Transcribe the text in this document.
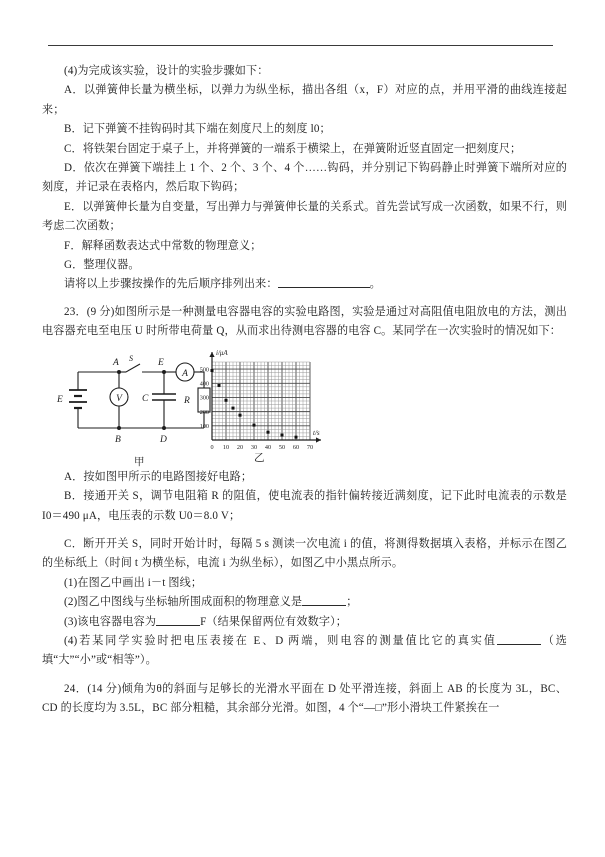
(4)为完成该实验，设计的实验步骤如下：

A．以弹簧伸长量为横坐标，以弹力为纵坐标，描出各组（x，F）对应的点，并用平滑的曲线连接起来；

B．记下弹簧不挂钩码时其下端在刻度尺上的刻度 l0；

C．将铁架台固定于桌子上，并将弹簧的一端系于横梁上，在弹簧附近竖直固定一把刻度尺；

D．依次在弹簧下端挂上 1 个、2 个、3 个、4 个……钩码，并分别记下钩码静止时弹簧下端所对应的刻度，并记录在表格内，然后取下钩码；

E．以弹簧伸长量为自变量，写出弹力与弹簧伸长量的关系式。首先尝试写成一次函数，如果不行，则考虑二次函数；

F．解释函数表达式中常数的物理意义；

G．整理仪器。

请将以上步骤按操作的先后顺序排列出来：	。

23．(9 分)如图所示是一种测量电容器电容的实验电路图，实验是通过对高阻值电阻放电的方法，测出电容器充电至电压 U 时所带电荷量 Q，从而求出待测电容器的电容 C。某同学在一次实验时的情况如下：

V
A
A S	E
B	D
E	C	R
0 10 20 30 40 50 60 70
100
200
300
400
500
i/μA
t/s
甲	乙

A．按如图甲所示的电路图接好电路；

B．接通开关 S，调节电阻箱 R 的阻值，使电流表的指针偏转接近满刻度，记下此时电流表的示数是 I0＝490 μA，电压表的示数 U0＝8.0 V；

C．断开开关 S，同时开始计时，每隔 5 s 测读一次电流 i 的值，将测得数据填入表格，并标示在图乙的坐标纸上（时间 t 为横坐标，电流 i 为纵坐标），如图乙中小黑点所示。

(1)在图乙中画出 i－t 图线；

(2)图乙中图线与坐标轴所围成面积的物理意义是	；

(3)该电容器电容为	F（结果保留两位有效数字）；

(4)若某同学实验时把电压表接在 E、D 两端，则电容的测量值比它的真实值	（选填“大”“小”或“相等”）。

24．(14 分)倾角为θ的斜面与足够长的光滑水平面在 D 处平滑连接，斜面上 AB 的长度为 3L，BC、CD 的长度均为 3.5L，BC 部分粗糙，其余部分光滑。如图，4 个“—□”形小滑块工件紧挨在一
